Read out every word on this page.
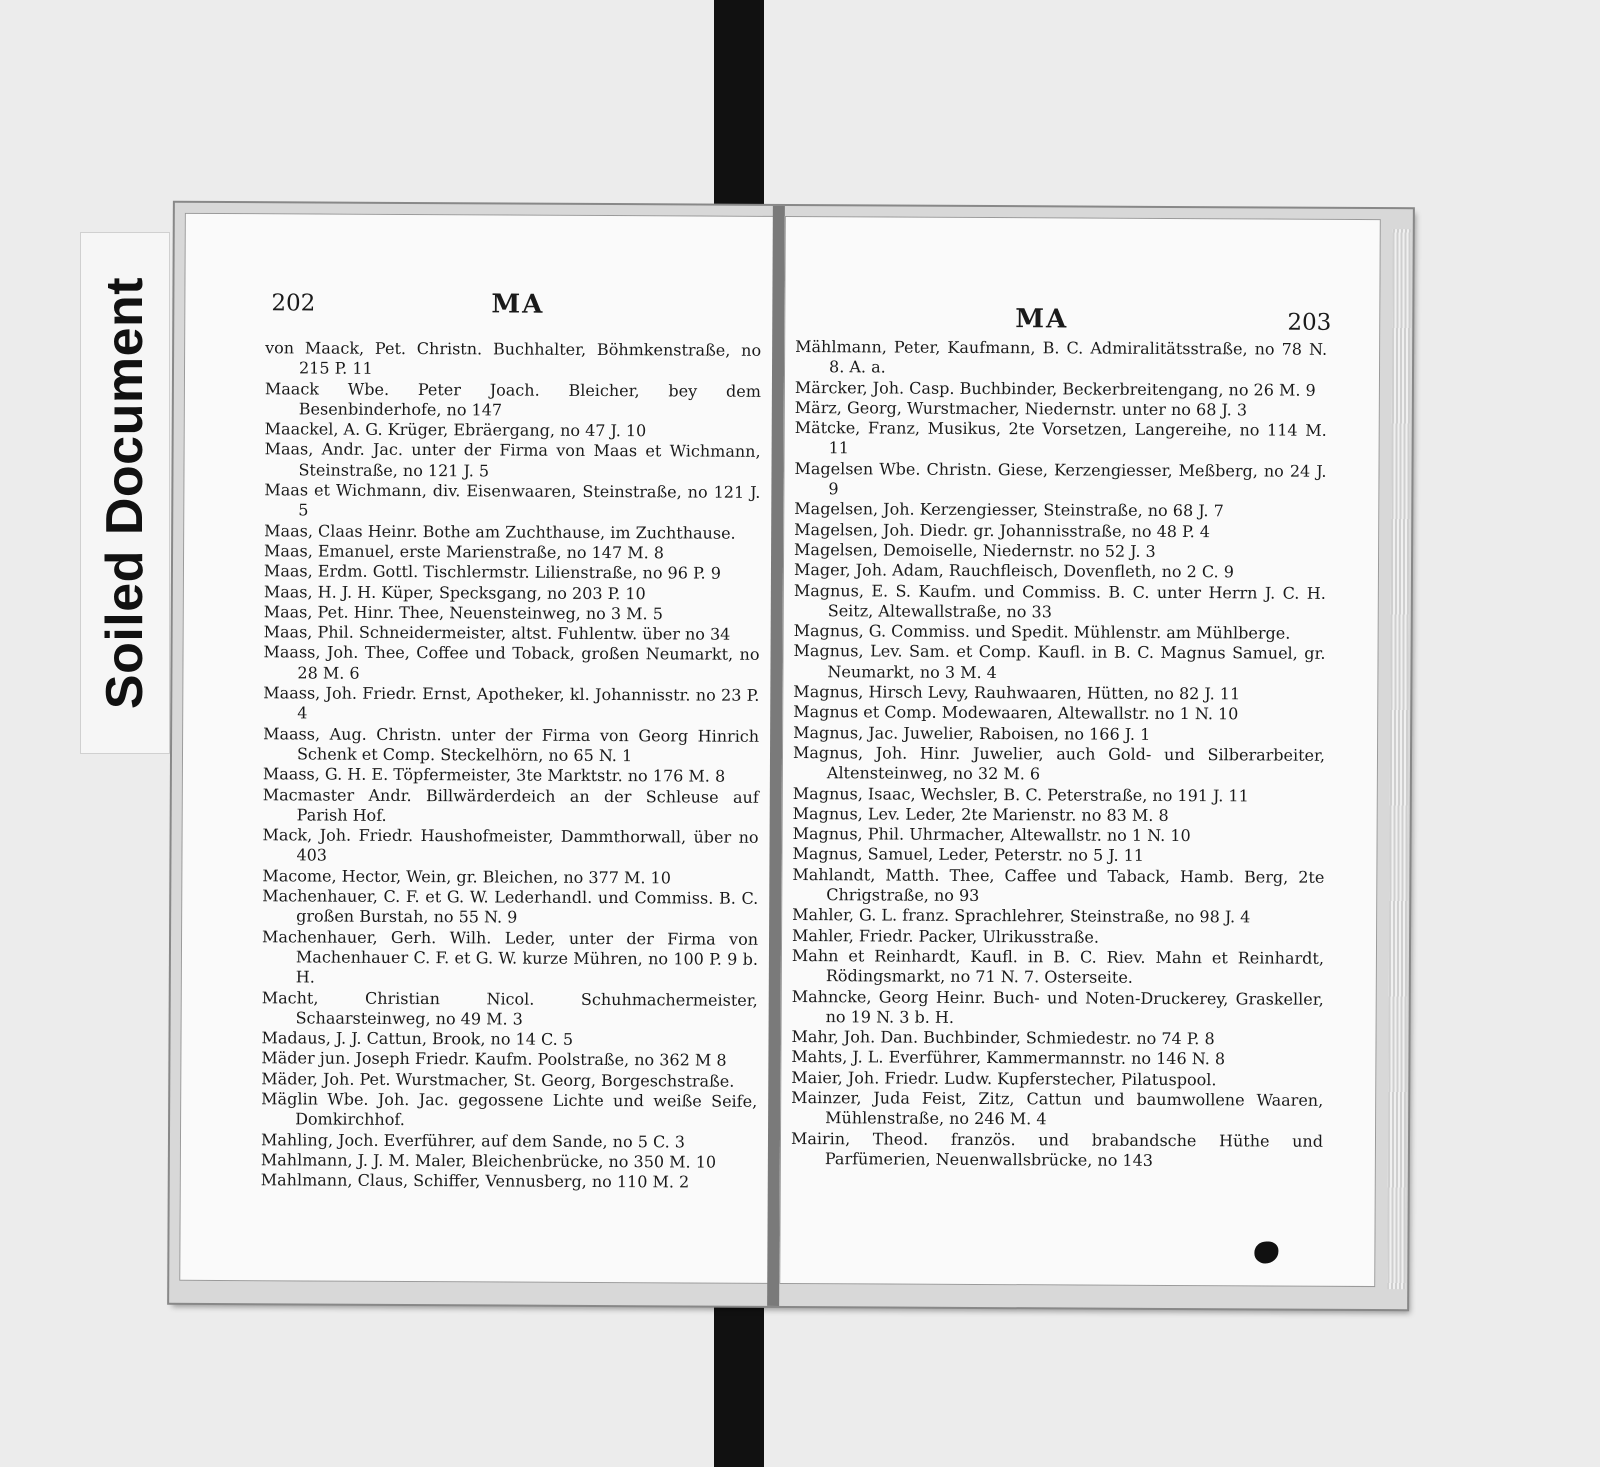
Soiled Document	202	MA

von Maack, Pet. Christn. Buchhalter, Böhmkenstraße, no 215 P. 11

Maack Wbe. Peter Joach. Bleicher, bey dem Besenbinderhofe, no 147

Maackel, A. G. Krüger, Ebräergang, no 47 J. 10

Maas, Andr. Jac. unter der Firma von Maas et Wichmann, Steinstraße, no 121 J. 5

Maas et Wichmann, div. Eisenwaaren, Steinstraße, no 121 J. 5

Maas, Claas Heinr. Bothe am Zuchthause, im Zuchthause.

Maas, Emanuel, erste Marienstraße, no 147 M. 8

Maas, Erdm. Gottl. Tischlermstr. Lilienstraße, no 96 P. 9

Maas, H. J. H. Küper, Specksgang, no 203 P. 10

Maas, Pet. Hinr. Thee, Neuensteinweg, no 3 M. 5

Maas, Phil. Schneidermeister, altst. Fuhlentw. über no 34

Maass, Joh. Thee, Coffee und Toback, großen Neumarkt, no 28 M. 6

Maass, Joh. Friedr. Ernst, Apotheker, kl. Johannisstr. no 23 P. 4

Maass, Aug. Christn. unter der Firma von Georg Hinrich Schenk et Comp. Steckelhörn, no 65 N. 1

Maass, G. H. E. Töpfermeister, 3te Marktstr. no 176 M. 8

Macmaster Andr. Billwärderdeich an der Schleuse auf Parish Hof.

Mack, Joh. Friedr. Haushofmeister, Dammthorwall, über no 403

Macome, Hector, Wein, gr. Bleichen, no 377 M. 10

Machenhauer, C. F. et G. W. Lederhandl. und Commiss. B. C. großen Burstah, no 55 N. 9

Machenhauer, Gerh. Wilh. Leder, unter der Firma von Machenhauer C. F. et G. W. kurze Mühren, no 100 P. 9 b. H.

Macht, Christian Nicol. Schuhmachermeister, Schaarsteinweg, no 49 M. 3

Madaus, J. J. Cattun, Brook, no 14 C. 5

Mäder jun. Joseph Friedr. Kaufm. Poolstraße, no 362 M 8

Mäder, Joh. Pet. Wurstmacher, St. Georg, Borgeschstraße.

Mäglin Wbe. Joh. Jac. gegossene Lichte und weiße Seife, Domkirchhof.

Mahling, Joch. Everführer, auf dem Sande, no 5 C. 3

Mahlmann, J. J. M. Maler, Bleichenbrücke, no 350 M. 10

Mahlmann, Claus, Schiffer, Vennusberg, no 110 M. 2

MA	203

Mählmann, Peter, Kaufmann, B. C. Admiralitätsstraße, no 78 N. 8. A. a.

Märcker, Joh. Casp. Buchbinder, Beckerbreitengang, no 26 M. 9

März, Georg, Wurstmacher, Niedernstr. unter no 68 J. 3

Mätcke, Franz, Musikus, 2te Vorsetzen, Langereihe, no 114 M. 11

Magelsen Wbe. Christn. Giese, Kerzengiesser, Meßberg, no 24 J. 9

Magelsen, Joh. Kerzengiesser, Steinstraße, no 68 J. 7

Magelsen, Joh. Diedr. gr. Johannisstraße, no 48 P. 4

Magelsen, Demoiselle, Niedernstr. no 52 J. 3

Mager, Joh. Adam, Rauchfleisch, Dovenfleth, no 2 C. 9

Magnus, E. S. Kaufm. und Commiss. B. C. unter Herrn J. C. H. Seitz, Altewallstraße, no 33

Magnus, G. Commiss. und Spedit. Mühlenstr. am Mühlberge.

Magnus, Lev. Sam. et Comp. Kaufl. in B. C. Magnus Samuel, gr. Neumarkt, no 3 M. 4

Magnus, Hirsch Levy, Rauhwaaren, Hütten, no 82 J. 11

Magnus et Comp. Modewaaren, Altewallstr. no 1 N. 10

Magnus, Jac. Juwelier, Raboisen, no 166 J. 1

Magnus, Joh. Hinr. Juwelier, auch Gold- und Silberarbeiter, Altensteinweg, no 32 M. 6

Magnus, Isaac, Wechsler, B. C. Peterstraße, no 191 J. 11

Magnus, Lev. Leder, 2te Marienstr. no 83 M. 8

Magnus, Phil. Uhrmacher, Altewallstr. no 1 N. 10

Magnus, Samuel, Leder, Peterstr. no 5 J. 11

Mahlandt, Matth. Thee, Caffee und Taback, Hamb. Berg, 2te Chrigstraße, no 93

Mahler, G. L. franz. Sprachlehrer, Steinstraße, no 98 J. 4

Mahler, Friedr. Packer, Ulrikusstraße.

Mahn et Reinhardt, Kaufl. in B. C. Riev. Mahn et Reinhardt, Rödingsmarkt, no 71 N. 7. Osterseite.

Mahncke, Georg Heinr. Buch- und Noten-Druckerey, Graskeller, no 19 N. 3 b. H.

Mahr, Joh. Dan. Buchbinder, Schmiedestr. no 74 P. 8

Mahts, J. L. Everführer, Kammermannstr. no 146 N. 8

Maier, Joh. Friedr. Ludw. Kupferstecher, Pilatuspool.

Mainzer, Juda Feist, Zitz, Cattun und baumwollene Waaren, Mühlenstraße, no 246 M. 4

Mairin, Theod. französ. und brabandsche Hüthe und Parfümerien, Neuenwallsbrücke, no 143
